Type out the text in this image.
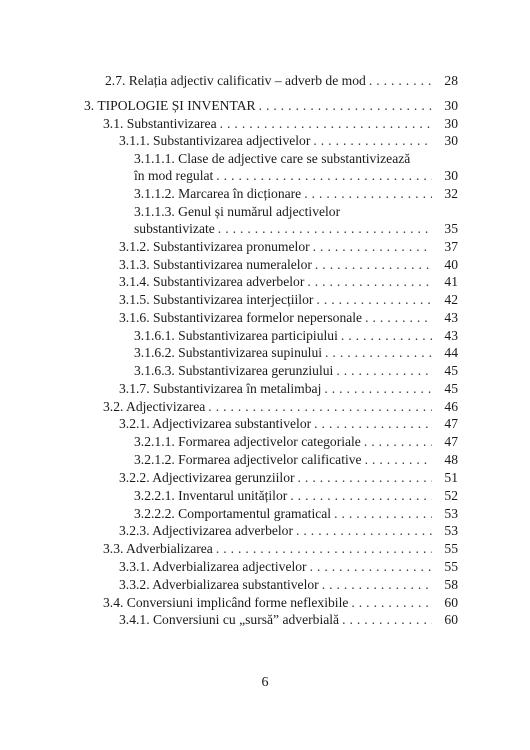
2.7. Relația adjectiv calificativ – adverb de mod . . .	28
3. TIPOLOGIE ȘI INVENTAR . . .	30
3.1. Substantivizarea . . .	30
3.1.1. Substantivizarea adjectivelor . . .	30
3.1.1.1. Clase de adjective care se substantivizează
în mod regulat . . .	30
3.1.1.2. Marcarea în dicționare . . .	32
3.1.1.3. Genul și numărul adjectivelor
substantivizate . . .	35
3.1.2. Substantivizarea pronumelor . . .	37
3.1.3. Substantivizarea numeralelor . . .	40
3.1.4. Substantivizarea adverbelor . . .	41
3.1.5. Substantivizarea interjecțiilor . . .	42
3.1.6. Substantivizarea formelor nepersonale . . .	43
3.1.6.1. Substantivizarea participiului . . .	43
3.1.6.2. Substantivizarea supinului . . .	44
3.1.6.3. Substantivizarea gerunziului . . .	45
3.1.7. Substantivizarea în metalimbaj . . .	45
3.2. Adjectivizarea . . .	46
3.2.1. Adjectivizarea substantivelor . . .	47
3.2.1.1. Formarea adjectivelor categoriale . . .	47
3.2.1.2. Formarea adjectivelor calificative . . .	48
3.2.2. Adjectivizarea gerunziilor . . .	51
3.2.2.1. Inventarul unităților . . .	52
3.2.2.2. Comportamentul gramatical . . .	53
3.2.3. Adjectivizarea adverbelor . . .	53
3.3. Adverbializarea . . .	55
3.3.1. Adverbializarea adjectivelor . . .	55
3.3.2. Adverbializarea substantivelor . . .	58
3.4. Conversiuni implicând forme neflexibile . . .	60
3.4.1. Conversiuni cu „sursă” adverbială . . .	60
6
